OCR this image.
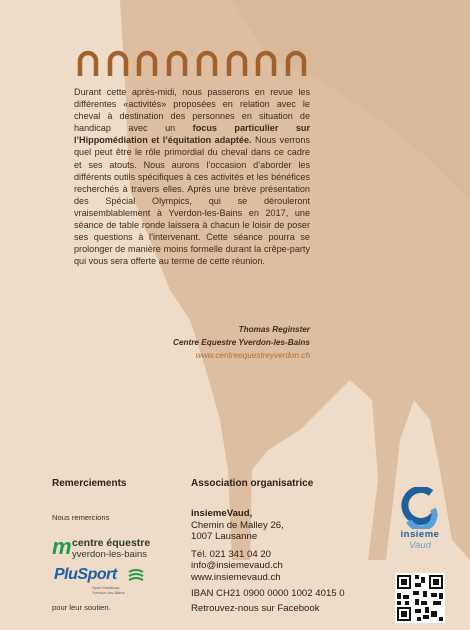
Durant cette après-midi, nous passerons en revue les différentes «activités» proposées en relation avec le cheval à destination des personnes en situation de handicap avec un focus particulier sur l’Hippomédiation et l’équitation adaptée. Nous verrons quel peut être le rôle primordial du cheval dans ce cadre et ses atouts. Nous aurons l’occasion d’aborder les différents outils spécifiques à ces activités et les bénéfices recherchés à travers elles. Après une brève présentation des Spécial Olympics, qui se dérouleront vraisemblablement à Yverdon-les-Bains en 2017, une séance de table ronde laissera à chacun le loisir de poser ses questions à l’intervenant. Cette séance pourra se prolonger de manière moins formelle durant la crêpe-party qui vous sera offerte au terme de cette réunion.

Thomas Reginster
Centre Equestre Yverdon-les-Bains
www.centreequestreyverdon.ch
Remerciements
Nous remercions
m centre équestre
yverdon-les-bains
PluSport
Sport Handicap
Yverdon-les-Bains
pour leur soutien.
Association organisatrice
insiemeVaud,
Chemin de Malley 26,
1007 Lausanne
Tél. 021 341 04 20
info@insiemevaud.ch
www.insiemevaud.ch
IBAN CH21 0900 0000 1002 4015 0
Retrouvez-nous sur Facebook
insieme
Vaud
